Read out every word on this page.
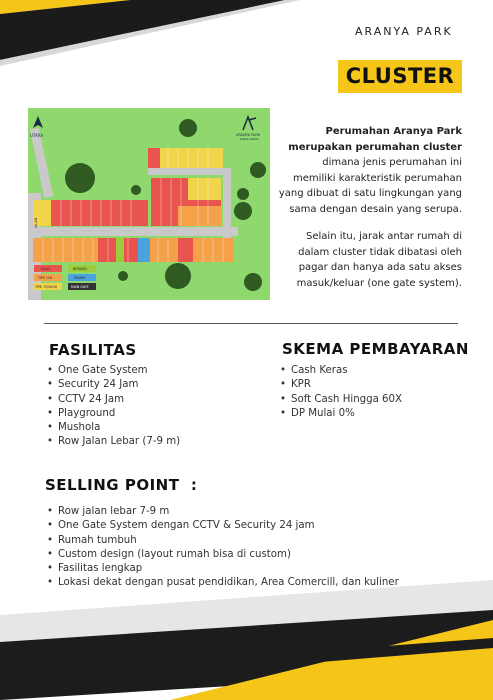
ARANYA PARK
CLUSTER
UTARA	ARANYA PARK
JANUA GRAYA
JALAN
SOLD
TIPE 116
TIPE 75/50/30
BOOKED
FASUM
MAIN GATE
Perumahan Aranya Park merupakan perumahan cluster dimana jenis perumahan ini memiliki karakteristik perumahan yang dibuat di satu lingkungan yang sama dengan desain yang serupa.
Selain itu, jarak antar rumah di dalam cluster tidak dibatasi oleh pagar dan hanya ada satu akses masuk/keluar (one gate system).
FASILITAS
• One Gate System
• Security 24 Jam
• CCTV 24 Jam
• Playground
• Mushola
• Row Jalan Lebar (7-9 m)
SKEMA PEMBAYARAN
• Cash Keras
• KPR
• Soft Cash Hingga 60X
• DP Mulai 0%
SELLING POINT  :
• Row jalan lebar 7-9 m
• One Gate System dengan CCTV & Security 24 jam
• Rumah tumbuh
• Custom design (layout rumah bisa di custom)
• Fasilitas lengkap
• Lokasi dekat dengan pusat pendidikan, Area Comercill, dan kuliner
